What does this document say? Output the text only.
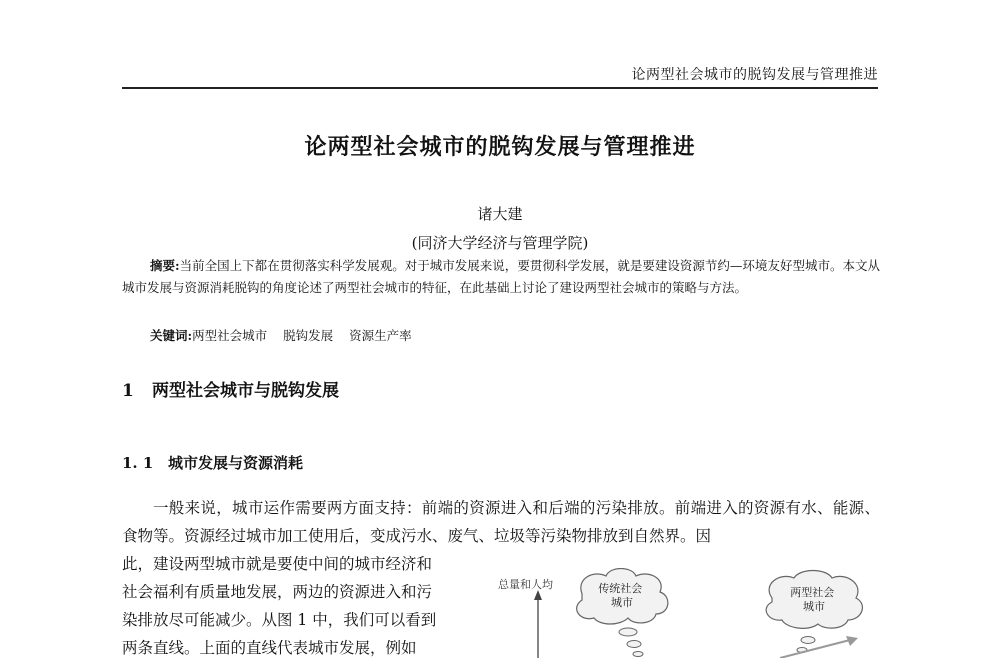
论两型社会城市的脱钩发展与管理推进
论两型社会城市的脱钩发展与管理推进
诸大建
(同济大学经济与管理学院)
摘要:当前全国上下都在贯彻落实科学发展观。对于城市发展来说，要贯彻科学发展，就是要建设资源节约—环境友好型城市。本文从城市发展与资源消耗脱钩的角度论述了两型社会城市的特征，在此基础上讨论了建设两型社会城市的策略与方法。
关键词:两型社会城市 脱钩发展 资源生产率
1 两型社会城市与脱钩发展
1. 1 城市发展与资源消耗
一般来说，城市运作需要两方面支持：前端的资源进入和后端的污染排放。前端进入的资源有水、能源、食物等。资源经过城市加工使用后，变成污水、废气、垃圾等污染物排放到自然界。因
此，建设两型城市就是要使中间的城市经济和
社会福利有质量地发展，两边的资源进入和污
染排放尽可能减少。从图 1 中，我们可以看到
两条直线。上面的直线代表城市发展，例如
总量和人均	传统社会 城市
两型社会 城市
